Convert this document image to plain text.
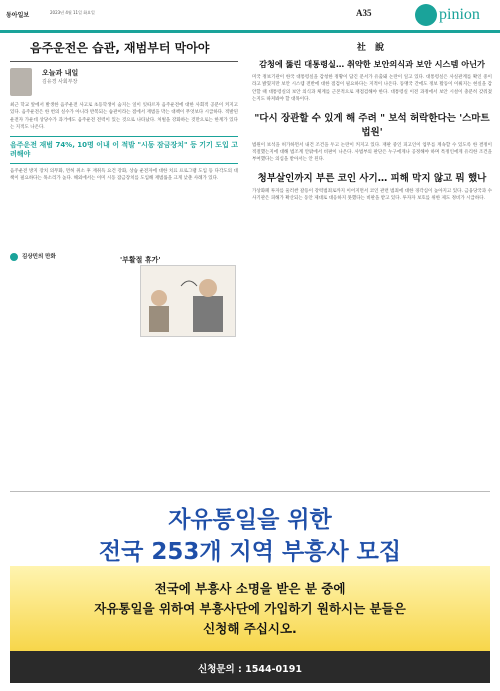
동아일보	2023년 4월 11일 화요일	A35	pinion
음주운전은 습관, 재범부터 막아야
오늘과 내일
김유경 사회부장
최근 학교 앞에서 발생한 음주운전 사고로 초등학생이 숨지는 일이 잇따르자 음주운전에 대한 사회적 공분이 커지고 있다. 음주운전은 한 번의 실수가 아니라 반복되는 습관이라는 점에서 재범을 막는 대책이 무엇보다 시급하다. 적발된 운전자 가운데 상당수가 과거에도 음주운전 전력이 있는 것으로 나타났다. 처벌을 강화하는 것만으로는 한계가 있다는 지적도 나온다.
음주운전 재범 74%, 10명 이내 이 적발 "시동 잠금장치" 등 기기 도입 고려해야
음주운전 방지 장치 의무화, 면허 취소 후 재취득 요건 강화, 상습 운전자에 대한 치료 프로그램 도입 등 다각도의 대책이 필요하다는 목소리가 높다. 해외에서는 이미 시동 잠금장치를 도입해 재범률을 크게 낮춘 사례가 있다.
김상민의 만화	'부활절 휴가'
社 說
감청에 뚫린 대통령실… 취약한 보안의식과 보안 시스템 아닌가
미국 정보기관이 한국 대통령실을 감청한 정황이 담긴 문서가 유출돼 논란이 일고 있다. 대통령실은 사실관계를 확인 중이라고 밝혔지만 보안 시스템 전반에 대한 점검이 필요하다는 지적이 나온다. 동맹국 간에도 정보 활동이 이뤄지는 현실을 감안할 때 대통령실의 보안 의식과 체계를 근본적으로 재점검해야 한다. 대통령실 이전 과정에서 보안 시설이 충분히 갖춰졌는지도 따져봐야 할 대목이다.
"다시 장관할 수 있게 해 주려 " 보석 허락한다는 '스마트 법원'
법원이 보석을 허가하면서 내건 조건을 두고 논란이 커지고 있다. 재판 중인 피고인이 업무를 계속할 수 있도록 한 결정이 적절했는지에 대해 법조계 안팎에서 비판이 나온다. 사법부의 판단은 누구에게나 공정해야 하며 특정인에게 유리한 조건을 부여했다는 의심을 받아서는 안 된다.
청부살인까지 부른 코인 사기… 피해 막지 않고 뭐 했나
가상화폐 투자를 둘러싼 갈등이 강력범죄로까지 이어지면서 코인 관련 범죄에 대한 경각심이 높아지고 있다. 금융당국과 수사기관은 피해가 확산되는 동안 제대로 대응하지 못했다는 비판을 받고 있다. 투자자 보호를 위한 제도 정비가 시급하다.
자유통일을 위한
전국 253개 지역 부흥사 모집
전국에 부흥사 소명을 받은 분 중에
자유통일을 위하여 부흥사단에 가입하기 원하시는 분들은
신청해 주십시오.
신청문의 : 1544-0191
